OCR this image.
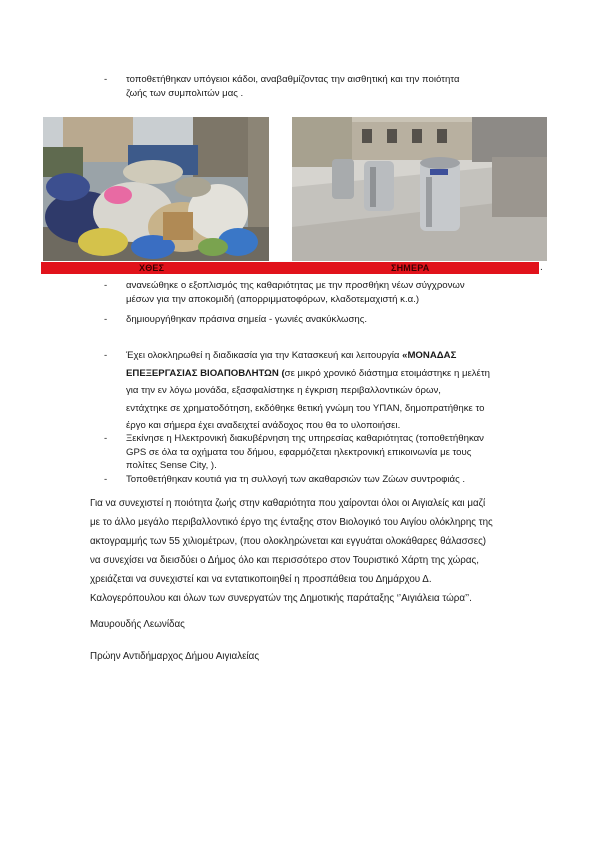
- τοποθετήθηκαν υπόγειοι κάδοι, αναβαθμίζοντας την αισθητική και την ποιότητα
ζωής των συμπολιτών μας .
ΧΘΕΣ	ΣΗΜΕΡΑ	.
- ανανεώθηκε ο εξοπλισμός της καθαριότητας με την προσθήκη νέων σύγχρονων
μέσων για την αποκομιδή (απορριμματοφόρων, κλαδοτεμαχιστή κ.α.)
- δημιουργήθηκαν πράσινα σημεία - γωνιές ανακύκλωσης.
- Έχει ολοκληρωθεί η διαδικασία για την Κατασκευή και λειτουργία «ΜΟΝΑΔΑΣ
ΕΠΕΞΕΡΓΑΣΙΑΣ ΒΙΟΑΠΟΒΛΗΤΩΝ (σε μικρό χρονικό διάστημα ετοιμάστηκε η μελέτη
για την εν λόγω μονάδα, εξασφαλίστηκε η έγκριση περιβαλλοντικών όρων,
εντάχτηκε σε χρηματοδότηση, εκδόθηκε θετική γνώμη του ΥΠΑΝ, δημοπρατήθηκε το
έργο και σήμερα έχει αναδειχτεί ανάδοχος που θα το υλοποιήσει.
- Ξεκίνησε η Ηλεκτρονική διακυβέρνηση της υπηρεσίας καθαριότητας (τοποθετήθηκαν
GPS σε όλα τα οχήματα του δήμου, εφαρμόζεται ηλεκτρονική επικοινωνία με τους
πολίτες Sense City, ).
- Τοποθετήθηκαν κουτιά για τη συλλογή των ακαθαρσιών των Ζώων συντροφιάς .
Για να συνεχιστεί η ποιότητα ζωής στην καθαριότητα που χαίρονται όλοι οι Αιγιαλείς και μαζί
με το άλλο μεγάλο περιβαλλοντικό έργο της ένταξης στον Βιολογικό του Αιγίου ολόκληρης της
ακτογραμμής των 55 χιλιομέτρων, (που ολοκληρώνεται και εγγυάται ολοκάθαρες θάλασσες)
να συνεχίσει να διεισδύει ο Δήμος όλο και περισσότερο στον Τουριστικό Χάρτη της χώρας,
χρειάζεται να συνεχιστεί και να εντατικοποιηθεί η προσπάθεια του Δημάρχου Δ.
Καλογερόπουλου και όλων των συνεργατών της Δημοτικής παράταξης ‘’Αιγιάλεια τώρα’’.
Μαυρουδής Λεωνίδας
Πρώην Αντιδήμαρχος Δήμου Αιγιαλείας
